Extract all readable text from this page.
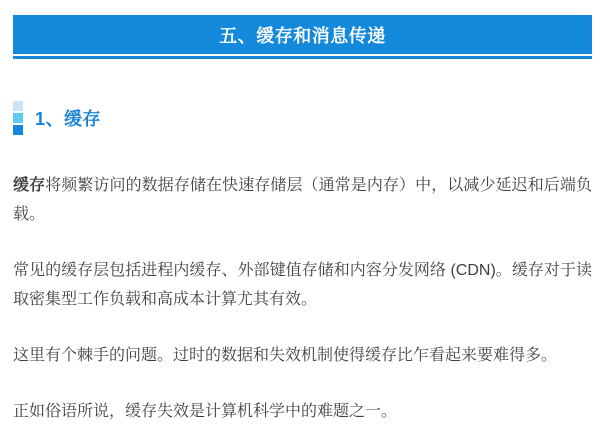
五、缓存和消息传递
1、缓存

缓存将频繁访问的数据存储在快速存储层（通常是内存）中，以减少延迟和后端负载。

常见的缓存层包括进程内缓存、外部键值存储和内容分发网络 (CDN)。缓存对于读取密集型工作负载和高成本计算尤其有效。

这里有个棘手的问题。过时的数据和失效机制使得缓存比乍看起来要难得多。

正如俗语所说，缓存失效是计算机科学中的难题之一。
